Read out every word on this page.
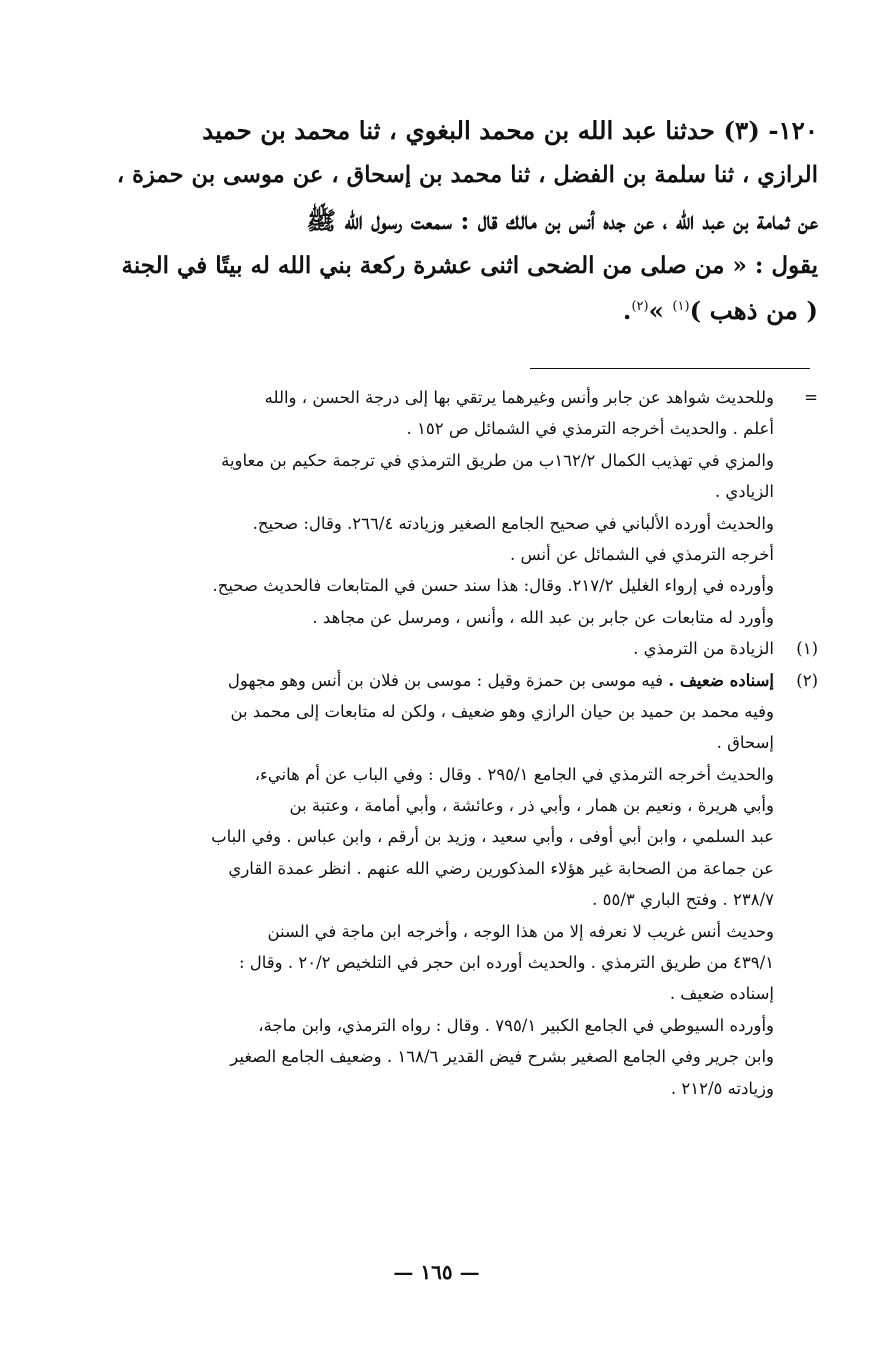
١٢٠- (٣) حدثنا عبد الله بن محمد البغوي ، ثنا محمد بن حميد
الرازي ، ثنا سلمة بن الفضل ، ثنا محمد بن إسحاق ، عن موسى بن حمزة ،
عن ثمامة بن عبد الله ، عن جده أنس بن مالك قال : سمعت رسول الله ﷺ
يقول : « من صلى من الضحى اثنى عشرة ركعة بني الله له بيتًا في الجنة
( من ذهب )$^{(١)}$ »$^{(٢)}$.
=
وللحديث شواهد عن جابر وأنس وغيرهما يرتقي بها إلى درجة الحسن ، والله
أعلم . والحديث أخرجه الترمذي في الشمائل ص ١٥٢ .
والمزي في تهذيب الكمال ١٦٢/٢ب من طريق الترمذي في ترجمة حكيم بن معاوية
الزيادي .
والحديث أورده الألباني في صحيح الجامع الصغير وزيادته ٢٦٦/٤. وقال: صحيح.
أخرجه الترمذي في الشمائل عن أنس .
وأورده في إرواء الغليل ٢١٧/٢. وقال: هذا سند حسن في المتابعات فالحديث صحيح.
وأورد له متابعات عن جابر بن عبد الله ، وأنس ، ومرسل عن مجاهد .
(١)
الزيادة من الترمذي .
(٢)
إسناده ضعيف . فيه موسى بن حمزة وقيل : موسى بن فلان بن أنس وهو مجهول
وفيه محمد بن حميد بن حيان الرازي وهو ضعيف ، ولكن له متابعات إلى محمد بن
إسحاق .
والحديث أخرجه الترمذي في الجامع ٢٩٥/١ . وقال : وفي الباب عن أم هانيء،
وأبي هريرة ، ونعيم بن همار ، وأبي ذر ، وعائشة ، وأبي أمامة ، وعتبة بن
عبد السلمي ، وابن أبي أوفى ، وأبي سعيد ، وزيد بن أرقم ، وابن عباس . وفي الباب
عن جماعة من الصحابة غير هؤلاء المذكورين رضي الله عنهم . انظر عمدة القاري
٢٣٨/٧ . وفتح الباري ٥٥/٣ .
وحديث أنس غريب لا نعرفه إلا من هذا الوجه ، وأخرجه ابن ماجة في السنن
٤٣٩/١ من طريق الترمذي . والحديث أورده ابن حجر في التلخيص ٢٠/٢ . وقال :
إسناده ضعيف .
وأورده السيوطي في الجامع الكبير ٧٩٥/١ . وقال : رواه الترمذي، وابن ماجة،
وابن جرير وفي الجامع الصغير بشرح فيض القدير ١٦٨/٦ . وضعيف الجامع الصغير
وزيادته ٢١٢/٥ .
— ١٦٥ —
